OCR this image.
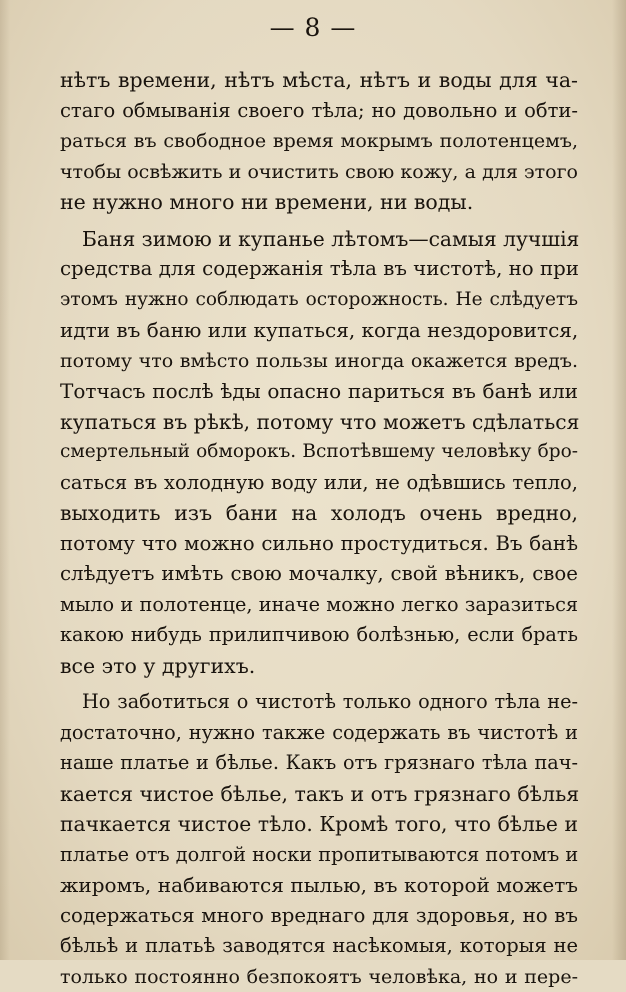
— 8 —
нѣтъ времени, нѣтъ мѣста, нѣтъ и воды для ча-
стаго обмыванія своего тѣла; но довольно и обти-
раться въ свободное время мокрымъ полотенцемъ,
чтобы освѣжить и очистить свою кожу, а для этого
не нужно много ни времени, ни воды.
Баня зимою и купанье лѣтомъ—самыя лучшія
средства для содержанія тѣла въ чистотѣ, но при
этомъ нужно соблюдать осторожность. Не слѣдуетъ
идти въ баню или купаться, когда нездоровится,
потому что вмѣсто пользы иногда окажется вредъ.
Тотчасъ послѣ ѣды опасно париться въ банѣ или
купаться въ рѣкѣ, потому что можетъ сдѣлаться
смертельный обморокъ. Вспотѣвшему человѣку бро-
саться въ холодную воду или, не одѣвшись тепло,
выходить изъ бани на холодъ очень вредно,
потому что можно сильно простудиться. Въ банѣ
слѣдуетъ имѣть свою мочалку, свой вѣникъ, свое
мыло и полотенце, иначе можно легко заразиться
какою нибудь прилипчивою болѣзнью, если брать
все это у другихъ.
Но заботиться о чистотѣ только одного тѣла не-
достаточно, нужно также содержать въ чистотѣ и
наше платье и бѣлье. Какъ отъ грязнаго тѣла пач-
кается чистое бѣлье, такъ и отъ грязнаго бѣлья
пачкается чистое тѣло. Кромѣ того, что бѣлье и
платье отъ долгой носки пропитываются потомъ и
жиромъ, набиваются пылью, въ которой можетъ
содержаться много вреднаго для здоровья, но въ
бѣльѣ и платьѣ заводятся насѣкомыя, которыя не
только постоянно безпокоятъ человѣка, но и пере-
